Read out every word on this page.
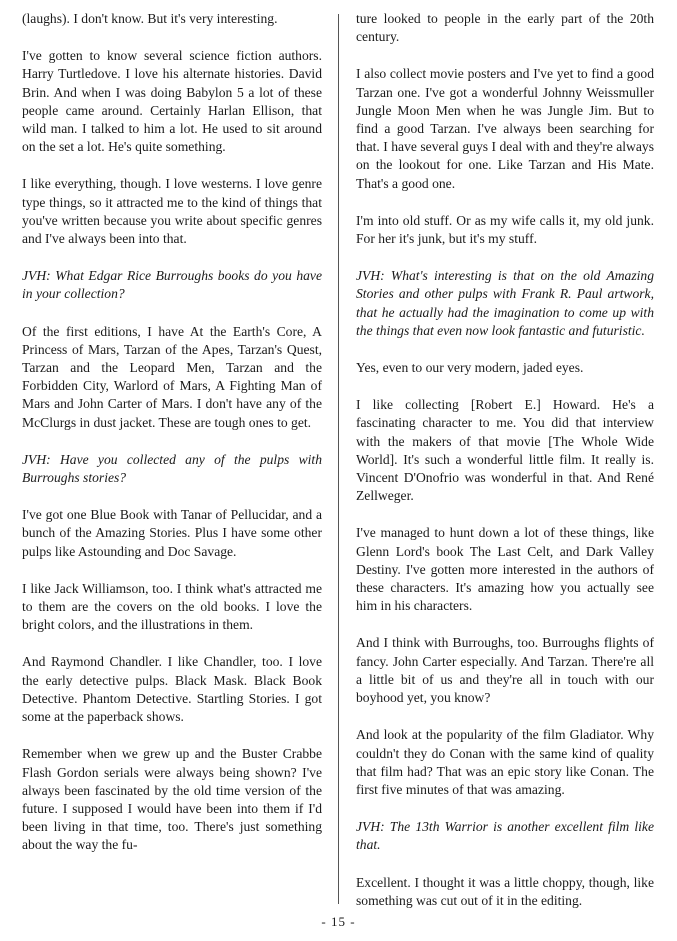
(laughs). I don't know. But it's very interesting.

I've gotten to know several science fiction authors. Harry Turtledove. I love his alternate histories. David Brin. And when I was doing Babylon 5 a lot of these people came around. Certainly Harlan Ellison, that wild man. I talked to him a lot. He used to sit around on the set a lot. He's quite something.

I like everything, though. I love westerns. I love genre type things, so it attracted me to the kind of things that you've written because you write about specific genres and I've always been into that.

JVH: What Edgar Rice Burroughs books do you have in your collection?

Of the first editions, I have At the Earth's Core, A Princess of Mars, Tarzan of the Apes, Tarzan's Quest, Tarzan and the Leopard Men, Tarzan and the Forbidden City, Warlord of Mars, A Fighting Man of Mars and John Carter of Mars. I don't have any of the McClurgs in dust jacket. These are tough ones to get.

JVH: Have you collected any of the pulps with Burroughs stories?

I've got one Blue Book with Tanar of Pellucidar, and a bunch of the Amazing Stories. Plus I have some other pulps like Astounding and Doc Savage.

I like Jack Williamson, too. I think what's attracted me to them are the covers on the old books. I love the bright colors, and the illustrations in them.

And Raymond Chandler. I like Chandler, too. I love the early detective pulps. Black Mask. Black Book Detective. Phantom Detective. Startling Stories. I got some at the paperback shows.

Remember when we grew up and the Buster Crabbe Flash Gordon serials were always being shown? I've always been fascinated by the old time version of the future. I supposed I would have been into them if I'd been living in that time, too. There's just something about the way the fu-

ture looked to people in the early part of the 20th century.

I also collect movie posters and I've yet to find a good Tarzan one. I've got a wonderful Johnny Weissmuller Jungle Moon Men when he was Jungle Jim. But to find a good Tarzan. I've always been searching for that. I have several guys I deal with and they're always on the lookout for one. Like Tarzan and His Mate. That's a good one.

I'm into old stuff. Or as my wife calls it, my old junk. For her it's junk, but it's my stuff.

JVH: What's interesting is that on the old Amazing Stories and other pulps with Frank R. Paul artwork, that he actually had the imagination to come up with the things that even now look fantastic and futuristic.

Yes, even to our very modern, jaded eyes.

I like collecting [Robert E.] Howard. He's a fascinating character to me. You did that interview with the makers of that movie [The Whole Wide World]. It's such a wonderful little film. It really is. Vincent D'Onofrio was wonderful in that. And René Zellweger.

I've managed to hunt down a lot of these things, like Glenn Lord's book The Last Celt, and Dark Valley Destiny. I've gotten more interested in the authors of these characters. It's amazing how you actually see him in his characters.

And I think with Burroughs, too. Burroughs flights of fancy. John Carter especially. And Tarzan. There're all a little bit of us and they're all in touch with our boyhood yet, you know?

And look at the popularity of the film Gladiator. Why couldn't they do Conan with the same kind of quality that film had? That was an epic story like Conan. The first five minutes of that was amazing.

JVH: The 13th Warrior is another excellent film like that.

Excellent. I thought it was a little choppy, though, like something was cut out of it in the editing.

- 15 -
